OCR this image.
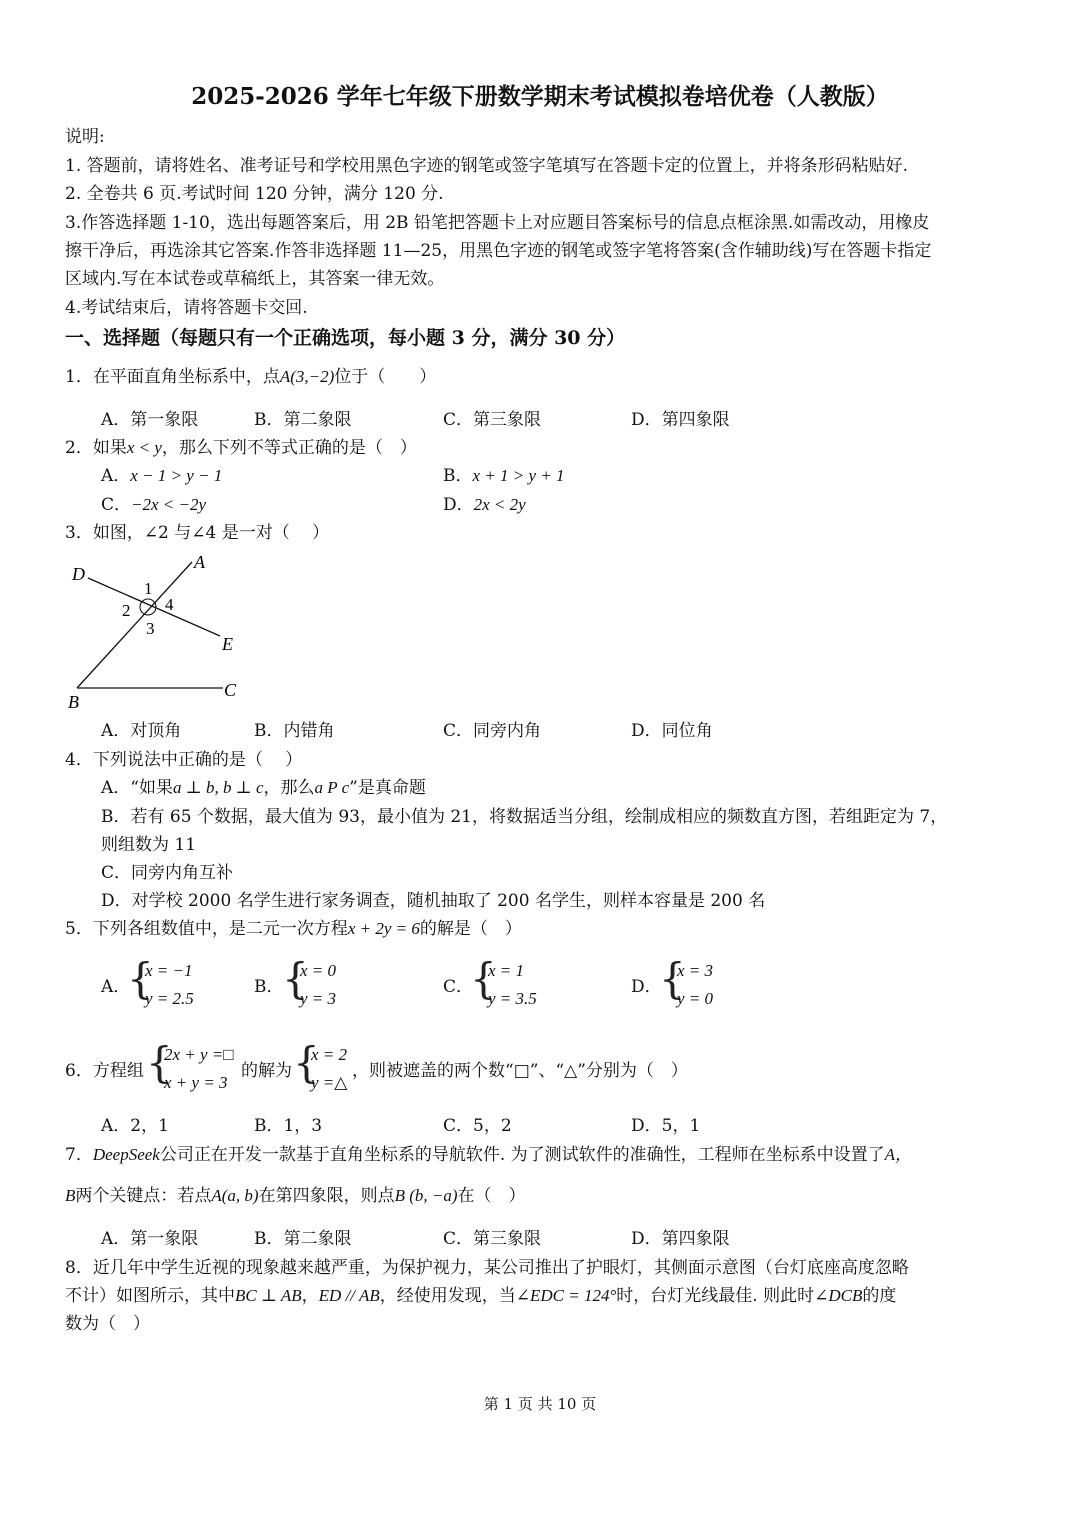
2025-2026 学年七年级下册数学期末考试模拟卷培优卷（人教版）
说明:
1. 答题前，请将姓名、准考证号和学校用黑色字迹的钢笔或签字笔填写在答题卡定的位置上，并将条形码粘贴好.
2. 全卷共 6 页.考试时间 120 分钟，满分 120 分.
3.作答选择题 1-10，选出每题答案后，用 2B 铅笔把答题卡上对应题目答案标号的信息点框涂黑.如需改动，用橡皮
擦干净后，再选涂其它答案.作答非选择题 11—25，用黑色字迹的钢笔或签字笔将答案(含作辅助线)写在答题卡指定
区域内.写在本试卷或草稿纸上，其答案一律无效。
4.考试结束后，请将答题卡交回.
一、选择题（每题只有一个正确选项，每小题 3 分，满分 30 分）
1．在平面直角坐标系中，点A(3,−2)位于（　　）
A．第一象限	B．第二象限	C．第三象限	D．第四象限
2．如果x < y，那么下列不等式正确的是（　）
A．x − 1 > y − 1	B．x + 1 > y + 1
C．−2x < −2y	D．2x < 2y
3．如图，∠2 与∠4 是一对（　 ）
D
A
E
B
C
1
2
3
4
A．对顶角	B．内错角	C．同旁内角	D．同位角
4．下列说法中正确的是（　 ）
A．“如果a ⊥ b, b ⊥ c，那么a P c”是真命题
B．若有 65 个数据，最大值为 93，最小值为 21，将数据适当分组，绘制成相应的频数直方图，若组距定为 7，
则组数为 11
C．同旁内角互补
D．对学校 2000 名学生进行家务调查，随机抽取了 200 名学生，则样本容量是 200 名
5．下列各组数值中，是二元一次方程x + 2y = 6的解是（　）
A．
{
x = −1
y = 2.5
B．
{
x = 0
y = 3
C．
{
x = 1
y = 3.5
D．
{
x = 3
y = 0
6．方程组 {
2x + y =□
x + y = 3
的解为 {
x = 2
y =△
，则被遮盖的两个数“□”、“△”分别为（　）
A．2，1	B．1，3	C．5，2	D．5，1
7．DeepSeek公司正在开发一款基于直角坐标系的导航软件. 为了测试软件的准确性，工程师在坐标系中设置了A，
B两个关键点：若点A(a, b)在第四象限，则点B (b, −a)在（　）
A．第一象限	B．第二象限	C．第三象限	D．第四象限
8．近几年中学生近视的现象越来越严重，为保护视力，某公司推出了护眼灯，其侧面示意图（台灯底座高度忽略
不计）如图所示，其中BC ⊥ AB，ED // AB，经使用发现，当∠EDC = 124°时，台灯光线最佳. 则此时∠DCB的度
数为（　）
第 1 页 共 10 页
